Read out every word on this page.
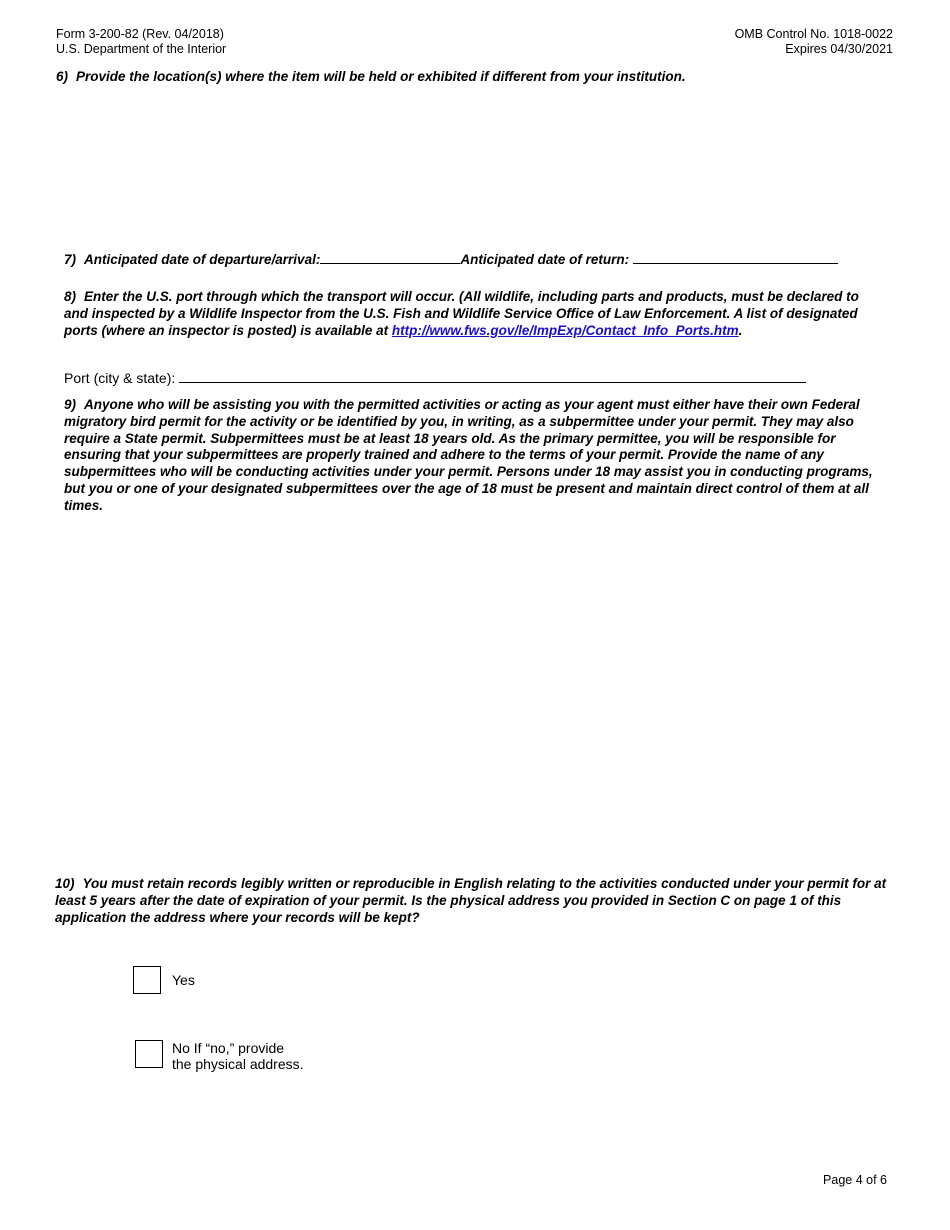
Form 3-200-82 (Rev. 04/2018)
U.S. Department of the Interior
OMB Control No. 1018-0022
Expires 04/30/2021
6) Provide the location(s) where the item will be held or exhibited if different from your institution.
7) Anticipated date of departure/arrival:	Anticipated date of return:
8) Enter the U.S. port through which the transport will occur. (All wildlife, including parts and products, must be declared to and inspected by a Wildlife Inspector from the U.S. Fish and Wildlife Service Office of Law Enforcement. A list of designated ports (where an inspector is posted) is available at http://www.fws.gov/le/ImpExp/Contact_Info_Ports.htm.
Port (city & state):
9) Anyone who will be assisting you with the permitted activities or acting as your agent must either have their own Federal migratory bird permit for the activity or be identified by you, in writing, as a subpermittee under your permit. They may also require a State permit. Subpermittees must be at least 18 years old. As the primary permittee, you will be responsible for ensuring that your subpermittees are properly trained and adhere to the terms of your permit. Provide the name of any subpermittees who will be conducting activities under your permit. Persons under 18 may assist you in conducting programs, but you or one of your designated subpermittees over the age of 18 must be present and maintain direct control of them at all times.
10) You must retain records legibly written or reproducible in English relating to the activities conducted under your permit for at least 5 years after the date of expiration of your permit. Is the physical address you provided in Section C on page 1 of this application the address where your records will be kept?
Yes
No If “no,” provide
the physical address.
Page 4 of 6
